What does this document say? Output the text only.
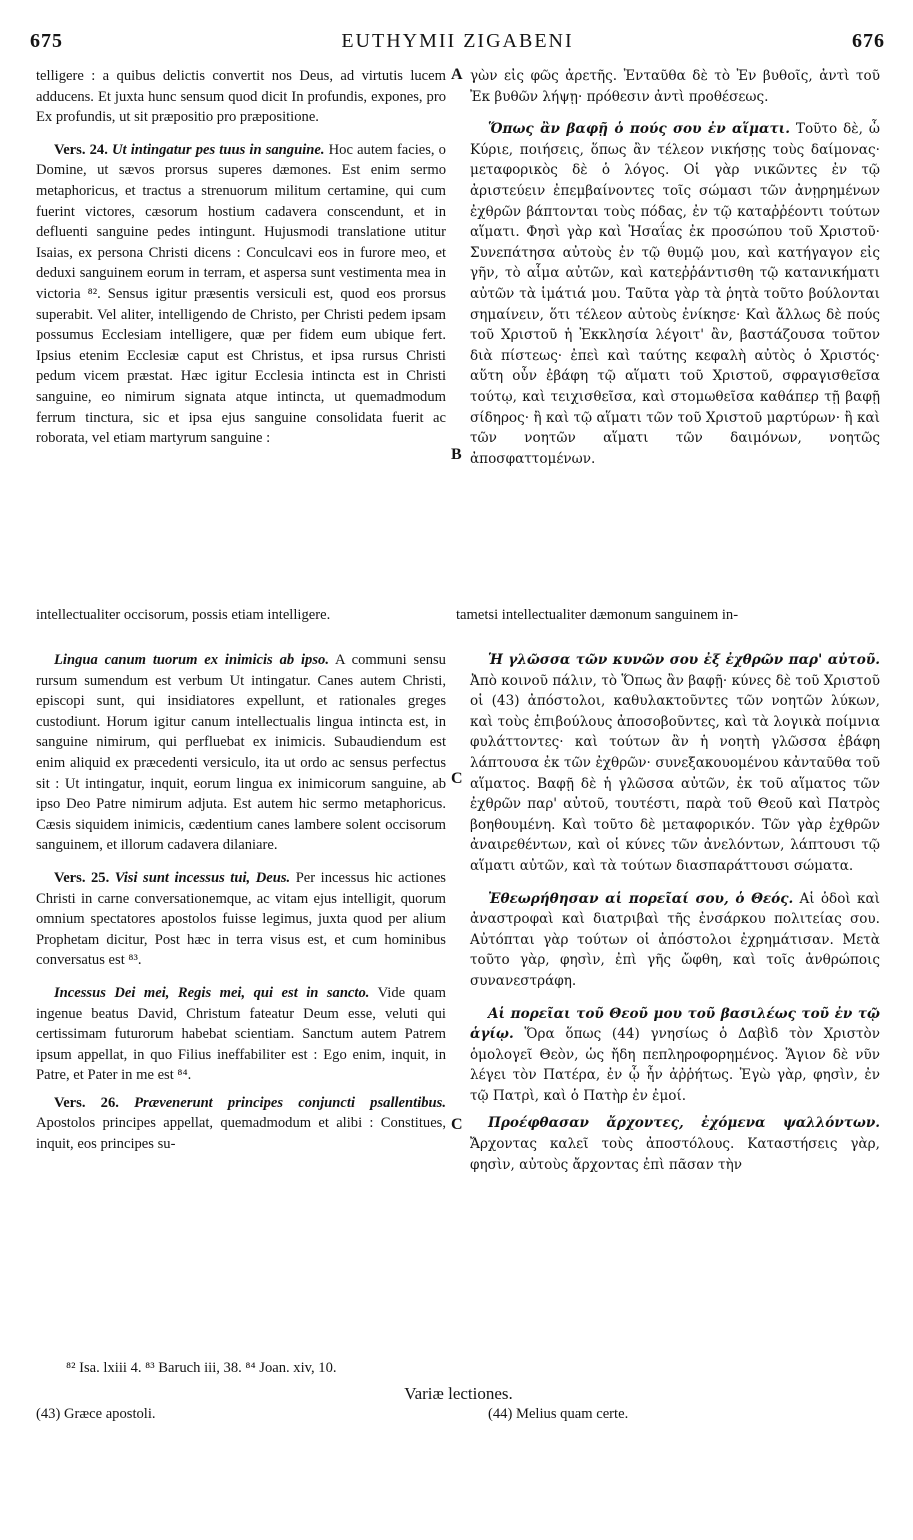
675	EUTHYMII ZIGABENI	676
A
B
C
C

telligere : a quibus delictis convertit nos Deus, ad virtutis lucem adducens. Et juxta hunc sensum quod dicit In profundis, expones, pro Ex profundis, ut sit præpositio pro præpositione.

Vers. 24. Ut intingatur pes tuus in sanguine. Hoc autem facies, o Domine, ut sævos prorsus superes dæmones. Est enim sermo metaphoricus, et tractus a strenuorum militum certamine, qui cum fuerint victores, cæsorum hostium cadavera conscendunt, et in defluenti sanguine pedes intingunt. Hujusmodi translatione utitur Isaias, ex persona Christi dicens : Conculcavi eos in furore meo, et deduxi sanguinem eorum in terram, et aspersa sunt vestimenta mea in victoria ⁸². Sensus igitur præsentis versiculi est, quod eos prorsus superabit. Vel aliter, intelligendo de Christo, per Christi pedem ipsam possumus Ecclesiam intelligere, quæ per fidem eum ubique fert. Ipsius etenim Ecclesiæ caput est Christus, et ipsa rursus Christi pedum vicem præstat. Hæc igitur Ecclesia intincta est in Christi sanguine, eo nimirum signata atque intincta, ut quemadmodum ferrum tinctura, sic et ipsa ejus sanguine consolidata fuerit ac roborata, vel etiam martyrum sanguine :

intellectualiter occisorum, possis etiam intelligere.	tametsi intellectualiter dæmonum sanguinem in-

Lingua canum tuorum ex inimicis ab ipso. A communi sensu rursum sumendum est verbum Ut intingatur. Canes autem Christi, episcopi sunt, qui insidiatores expellunt, et rationales greges custodiunt. Horum igitur canum intellectualis lingua intincta est, in sanguine nimirum, qui perfluebat ex inimicis. Subaudiendum est enim aliquid ex præcedenti versiculo, ita ut ordo ac sensus perfectus sit : Ut intingatur, inquit, eorum lingua ex inimicorum sanguine, ab ipso Deo Patre nimirum adjuta. Est autem hic sermo metaphoricus. Cæsis siquidem inimicis, cædentium canes lambere solent occisorum sanguinem, et illorum cadavera dilaniare.

Vers. 25. Visi sunt incessus tui, Deus. Per incessus hic actiones Christi in carne conversationemque, ac vitam ejus intelligit, quorum omnium spectatores apostolos fuisse legimus, juxta quod per alium Prophetam dicitur, Post hæc in terra visus est, et cum hominibus conversatus est ⁸³.

Incessus Dei mei, Regis mei, qui est in sancto. Vide quam ingenue beatus David, Christum fateatur Deum esse, veluti qui certissimam futurorum habebat scientiam. Sanctum autem Patrem ipsum appellat, in quo Filius ineffabiliter est : Ego enim, inquit, in Patre, et Pater in me est ⁸⁴.

Vers. 26. Prævenerunt principes conjuncti psallentibus. Apostolos principes appellat, quemadmodum et alibi : Constitues, inquit, eos principes su-

γὼν εἰς φῶς ἀρετῆς. Ἐνταῦθα δὲ τὸ Ἐν βυθοῖς, ἀντὶ τοῦ Ἐκ βυθῶν λήψῃ· πρόθεσιν ἀντὶ προθέσεως.

Ὅπως ἂν βαφῇ ὁ πούς σου ἐν αἵματι. Τοῦτο δὲ, ὦ Κύριε, ποιήσεις, ὅπως ἂν τέλεον νικήσῃς τοὺς δαίμονας· μεταφορικὸς δὲ ὁ λόγος. Οἱ γὰρ νικῶντες ἐν τῷ ἀριστεύειν ἐπεμβαίνοντες τοῖς σώμασι τῶν ἀνῃρημένων ἐχθρῶν βάπτονται τοὺς πόδας, ἐν τῷ καταῤῥέοντι τούτων αἵματι. Φησὶ γὰρ καὶ Ἡσαΐας ἐκ προσώπου τοῦ Χριστοῦ· Συνεπάτησα αὐτοὺς ἐν τῷ θυμῷ μου, καὶ κατήγαγον εἰς γῆν, τὸ αἷμα αὐτῶν, καὶ κατεῤῥάντισθη τῷ κατανικήματι αὐτῶν τὰ ἱμάτιά μου. Ταῦτα γὰρ τὰ ῥητὰ τοῦτο βούλονται σημαίνειν, ὅτι τέλεον αὐτοὺς ἐνίκησε· Καὶ ἄλλως δὲ πούς τοῦ Χριστοῦ ἡ Ἐκκλησία λέγοιτ' ἂν, βαστάζουσα τοῦτον διὰ πίστεως· ἐπεὶ καὶ ταύτης κεφαλὴ αὐτὸς ὁ Χριστός· αὕτη οὖν ἐβάφη τῷ αἵματι τοῦ Χριστοῦ, σφραγισθεῖσα τούτῳ, καὶ τειχισθεῖσα, καὶ στομωθεῖσα καθάπερ τῇ βαφῇ σίδηρος· ἢ καὶ τῷ αἵματι τῶν τοῦ Χριστοῦ μαρτύρων· ἢ καὶ τῶν νοητῶν αἵματι τῶν δαιμόνων, νοητῶς ἀποσφαττομένων.

Ἡ γλῶσσα τῶν κυνῶν σου ἐξ ἐχθρῶν παρ' αὐτοῦ. Ἀπὸ κοινοῦ πάλιν, τὸ Ὅπως ἂν βαφῇ· κύνες δὲ τοῦ Χριστοῦ οἱ (43) ἀπόστολοι, καθυλακτοῦντες τῶν νοητῶν λύκων, καὶ τοὺς ἐπιβούλους ἀποσοβοῦντες, καὶ τὰ λογικὰ ποίμνια φυλάττοντες· καὶ τούτων ἂν ἡ νοητὴ γλῶσσα ἐβάφη λάπτουσα ἐκ τῶν ἐχθρῶν· συνεξακουομένου κἀνταῦθα τοῦ αἵματος. Βαφῇ δὲ ἡ γλῶσσα αὐτῶν, ἐκ τοῦ αἵματος τῶν ἐχθρῶν παρ' αὐτοῦ, τουτέστι, παρὰ τοῦ Θεοῦ καὶ Πατρὸς βοηθουμένη. Καὶ τοῦτο δὲ μεταφορικόν. Τῶν γὰρ ἐχθρῶν ἀναιρεθέντων, καὶ οἱ κύνες τῶν ἀνελόντων, λάπτουσι τῷ αἵματι αὐτῶν, καὶ τὰ τούτων διασπαράττουσι σώματα.

Ἐθεωρήθησαν αἱ πορεῖαί σου, ὁ Θεός. Αἱ ὁδοὶ καὶ ἀναστροφαὶ καὶ διατριβαὶ τῆς ἐνσάρκου πολιτείας σου. Αὐτόπται γὰρ τούτων οἱ ἀπόστολοι ἐχρημάτισαν. Μετὰ τοῦτο γὰρ, φησὶν, ἐπὶ γῆς ὤφθη, καὶ τοῖς ἀνθρώποις συνανεστράφη.

Αἱ πορεῖαι τοῦ Θεοῦ μου τοῦ βασιλέως τοῦ ἐν τῷ ἁγίῳ. Ὅρα ὅπως (44) γνησίως ὁ Δαβὶδ τὸν Χριστὸν ὁμολογεῖ Θεὸν, ὡς ἤδη πεπληροφορημένος. Ἅγιον δὲ νῦν λέγει τὸν Πατέρα, ἐν ᾧ ἦν ἀῤῥήτως. Ἐγὼ γὰρ, φησὶν, ἐν τῷ Πατρὶ, καὶ ὁ Πατὴρ ἐν ἐμοί.

Προέφθασαν ἄρχοντες, ἐχόμενα ψαλλόντων. Ἄρχοντας καλεῖ τοὺς ἀποστόλους. Καταστήσεις γὰρ, φησὶν, αὐτοὺς ἄρχοντας ἐπὶ πᾶσαν τὴν

⁸² Isa. lxiii 4. ⁸³ Baruch iii, 38. ⁸⁴ Joan. xiv, 10.
Variæ lectiones.
(43) Græce apostoli.	(44) Melius quam certe.
